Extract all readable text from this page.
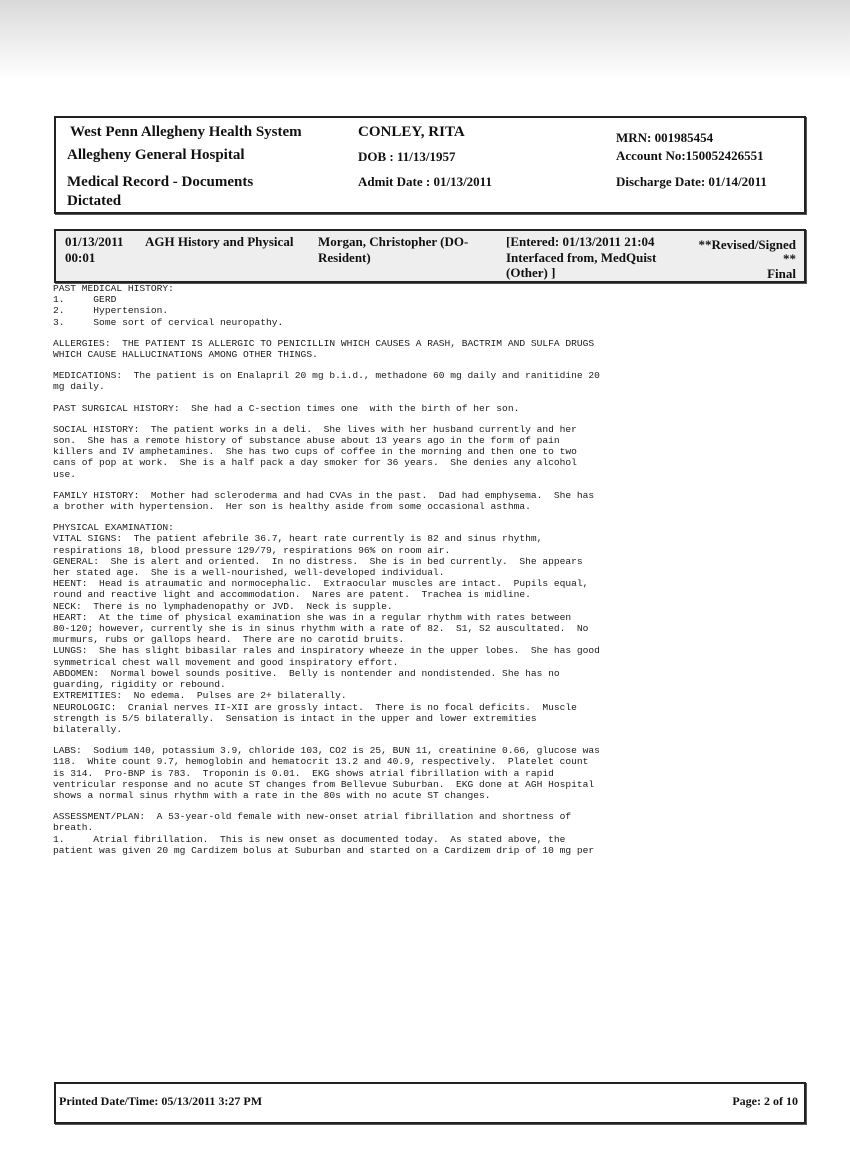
West Penn Allegheny Health System
Allegheny General Hospital
Medical Record - Documents
Dictated
CONLEY, RITA
DOB : 11/13/1957
Admit Date : 01/13/2011
MRN: 001985454
Account No:150052426551
Discharge Date: 01/14/2011
01/13/2011
00:01
AGH History and Physical Morgan, Christopher (DO-
Resident)
[Entered: 01/13/2011 21:04
Interfaced from, MedQuist
(Other) ]
**Revised/Signed
**
Final
PAST MEDICAL HISTORY:
1.     GERD
2.     Hypertension.
3.     Some sort of cervical neuropathy.
ALLERGIES:  THE PATIENT IS ALLERGIC TO PENICILLIN WHICH CAUSES A RASH, BACTRIM AND SULFA DRUGS
WHICH CAUSE HALLUCINATIONS AMONG OTHER THINGS.
MEDICATIONS:  The patient is on Enalapril 20 mg b.i.d., methadone 60 mg daily and ranitidine 20
mg daily.
PAST SURGICAL HISTORY:  She had a C-section times one  with the birth of her son.
SOCIAL HISTORY:  The patient works in a deli.  She lives with her husband currently and her
son.  She has a remote history of substance abuse about 13 years ago in the form of pain
killers and IV amphetamines.  She has two cups of coffee in the morning and then one to two
cans of pop at work.  She is a half pack a day smoker for 36 years.  She denies any alcohol
use.
FAMILY HISTORY:  Mother had scleroderma and had CVAs in the past.  Dad had emphysema.  She has
a brother with hypertension.  Her son is healthy aside from some occasional asthma.
PHYSICAL EXAMINATION:
VITAL SIGNS:  The patient afebrile 36.7, heart rate currently is 82 and sinus rhythm,
respirations 18, blood pressure 129/79, respirations 96% on room air.
GENERAL:  She is alert and oriented.  In no distress.  She is in bed currently.  She appears
her stated age.  She is a well-nourished, well-developed individual.
HEENT:  Head is atraumatic and normocephalic.  Extraocular muscles are intact.  Pupils equal,
round and reactive light and accommodation.  Nares are patent.  Trachea is midline.
NECK:  There is no lymphadenopathy or JVD.  Neck is supple.
HEART:  At the time of physical examination she was in a regular rhythm with rates between
80-120; however, currently she is in sinus rhythm with a rate of 82.  S1, S2 auscultated.  No
murmurs, rubs or gallops heard.  There are no carotid bruits.
LUNGS:  She has slight bibasilar rales and inspiratory wheeze in the upper lobes.  She has good
symmetrical chest wall movement and good inspiratory effort.
ABDOMEN:  Normal bowel sounds positive.  Belly is nontender and nondistended. She has no
guarding, rigidity or rebound.
EXTREMITIES:  No edema.  Pulses are 2+ bilaterally.
NEUROLOGIC:  Cranial nerves II-XII are grossly intact.  There is no focal deficits.  Muscle
strength is 5/5 bilaterally.  Sensation is intact in the upper and lower extremities
bilaterally.
LABS:  Sodium 140, potassium 3.9, chloride 103, CO2 is 25, BUN 11, creatinine 0.66, glucose was
118.  White count 9.7, hemoglobin and hematocrit 13.2 and 40.9, respectively.  Platelet count
is 314.  Pro-BNP is 783.  Troponin is 0.01.  EKG shows atrial fibrillation with a rapid
ventricular response and no acute ST changes from Bellevue Suburban.  EKG done at AGH Hospital
shows a normal sinus rhythm with a rate in the 80s with no acute ST changes.
ASSESSMENT/PLAN:  A 53-year-old female with new-onset atrial fibrillation and shortness of
breath.
1.     Atrial fibrillation.  This is new onset as documented today.  As stated above, the
patient was given 20 mg Cardizem bolus at Suburban and started on a Cardizem drip of 10 mg per
Printed Date/Time: 05/13/2011 3:27 PM	Page: 2 of 10
